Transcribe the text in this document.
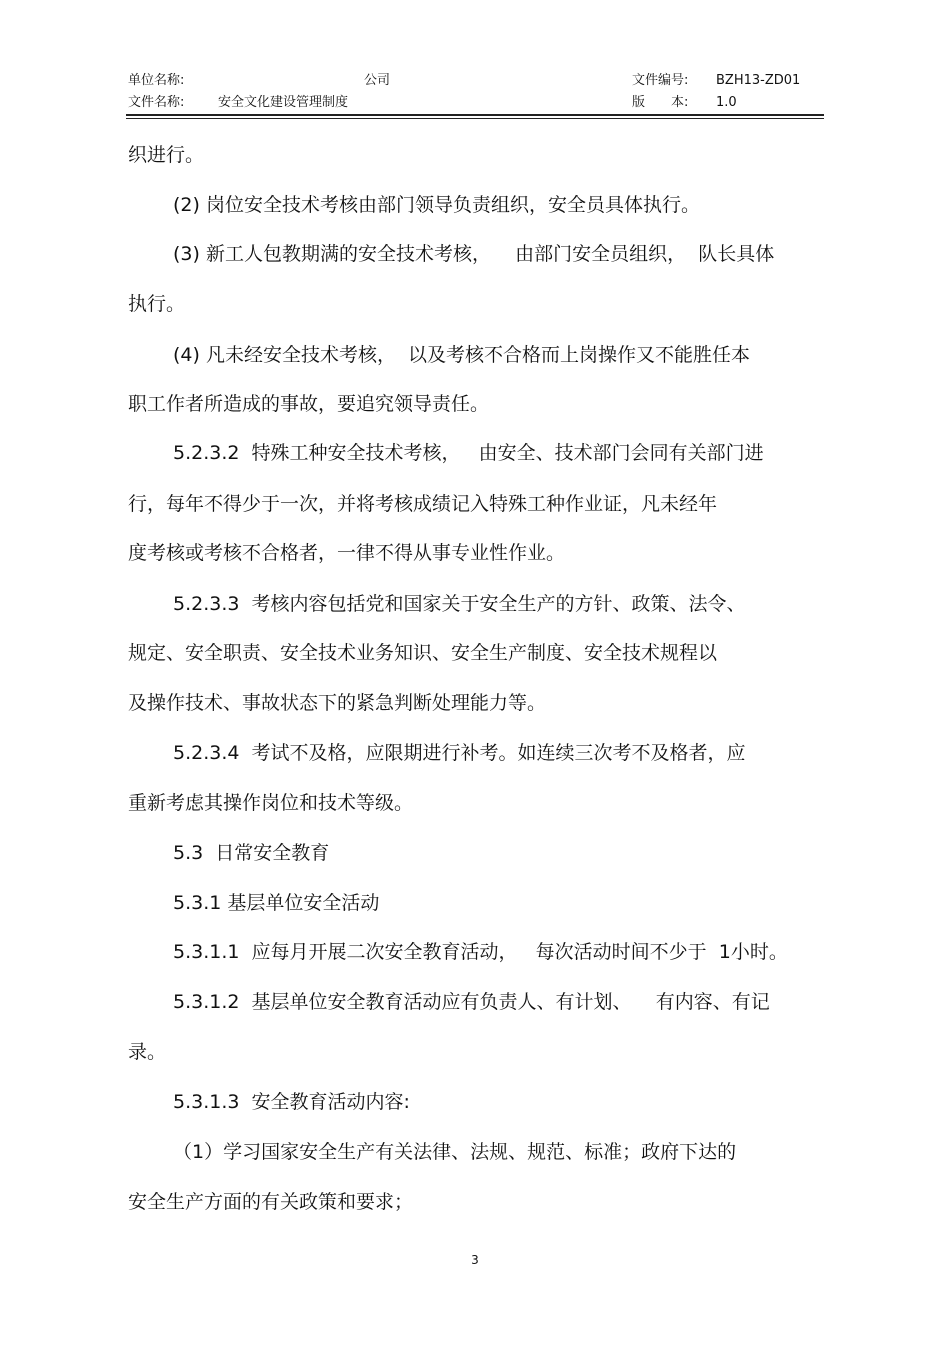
单位名称:	公司	文件编号: BZH13-ZD01
文件名称:	安全文化建设管理制度	版　　本: 1.0
织进行。
(2) 岗位安全技术考核由部门领导负责组织，安全员具体执行。
(3) 新工人包教期满的安全技术考核，    由部门安全员组织，  队长具体
执行。
(4) 凡未经安全技术考核，  以及考核不合格而上岗操作又不能胜任本
职工作者所造成的事故，要追究领导责任。
5.2.3.2  特殊工种安全技术考核，   由安全、技术部门会同有关部门进
行，每年不得少于一次，并将考核成绩记入特殊工种作业证，凡未经年
度考核或考核不合格者，一律不得从事专业性作业。
5.2.3.3  考核内容包括党和国家关于安全生产的方针、政策、法令、
规定、安全职责、安全技术业务知识、安全生产制度、安全技术规程以
及操作技术、事故状态下的紧急判断处理能力等。
5.2.3.4  考试不及格，应限期进行补考。如连续三次考不及格者，应
重新考虑其操作岗位和技术等级。
5.3  日常安全教育
5.3.1 基层单位安全活动
5.3.1.1  应每月开展二次安全教育活动，   每次活动时间不少于  1小时。
5.3.1.2  基层单位安全教育活动应有负责人、有计划、    有内容、有记
录。
5.3.1.3  安全教育活动内容:
（1）学习国家安全生产有关法律、法规、规范、标准；政府下达的
安全生产方面的有关政策和要求；
3
